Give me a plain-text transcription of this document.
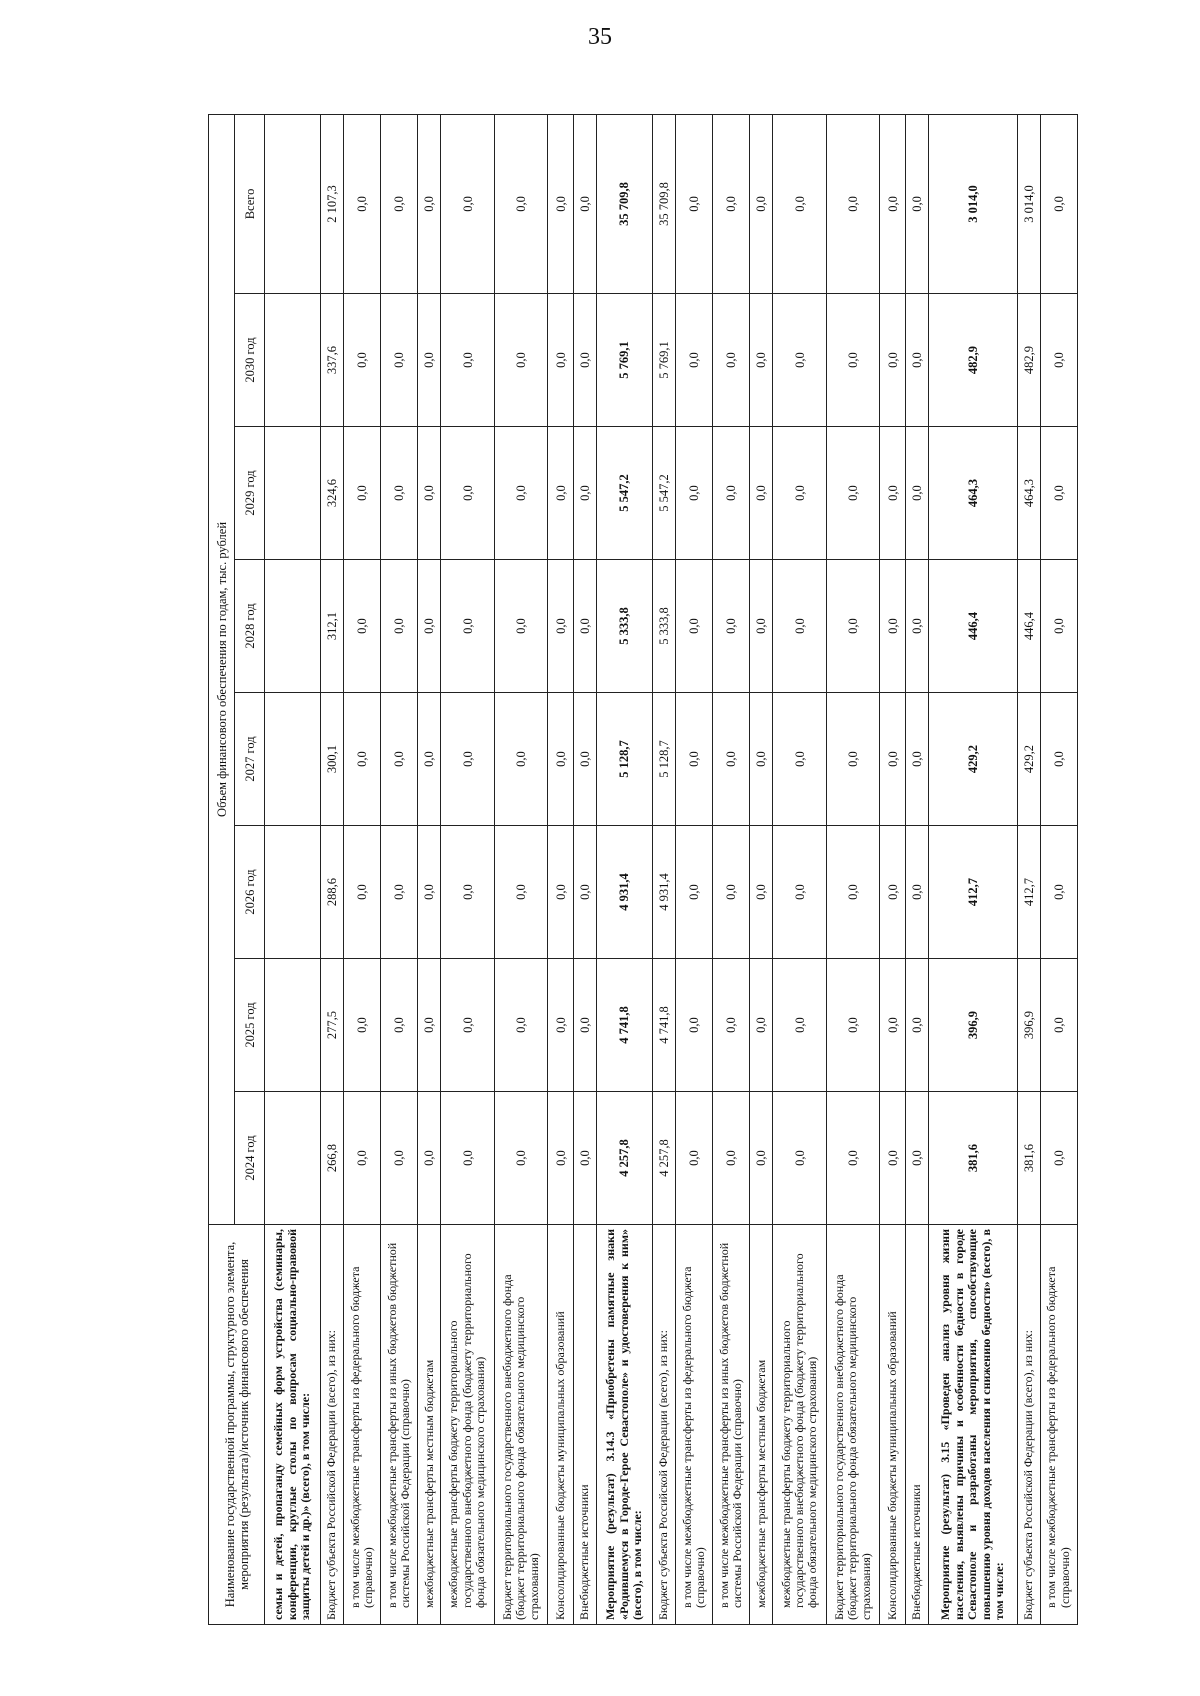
35
Наименование государственной программы, структурного элемента, мероприятия (результата)/источник финансового обеспечения	Объем финансового обеспечения по годам, тыс. рублей							
	2024 год	2025 год	2026 год	2027 год	2028 год	2029 год	2030 год	Всего
семьи и детей, пропаганду семейных форм устройства (семинары, конференции, круглые столы по вопросам социально-правовой защиты детей и др.)» (всего), в том числе:								
Бюджет субъекта Российской Федерации (всего), из них:	266,8	277,5	288,6	300,1	312,1	324,6	337,6	2 107,3
в том числе межбюджетные трансферты из федерального бюджета (справочно)	0,0	0,0	0,0	0,0	0,0	0,0	0,0	0,0
в том числе межбюджетные трансферты из иных бюджетов бюджетной системы Российской Федерации (справочно)	0,0	0,0	0,0	0,0	0,0	0,0	0,0	0,0
межбюджетные трансферты местным бюджетам	0,0	0,0	0,0	0,0	0,0	0,0	0,0	0,0
межбюджетные трансферты бюджету территориального государственного внебюджетного фонда (бюджету территориального фонда обязательного медицинского страхования)	0,0	0,0	0,0	0,0	0,0	0,0	0,0	0,0
Бюджет территориального государственного внебюджетного фонда (бюджет территориального фонда обязательного медицинского страхования)	0,0	0,0	0,0	0,0	0,0	0,0	0,0	0,0
Консолидированные бюджеты муниципальных образований	0,0	0,0	0,0	0,0	0,0	0,0	0,0	0,0
Внебюджетные источники	0,0	0,0	0,0	0,0	0,0	0,0	0,0	0,0
Мероприятие (результат) 3.14.3 «Приобретены памятные знаки «Родившемуся в Городе-Герое Севастополе» и удостоверения к ним» (всего), в том числе:	4 257,8	4 741,8	4 931,4	5 128,7	5 333,8	5 547,2	5 769,1	35 709,8
Бюджет субъекта Российской Федерации (всего), из них:	4 257,8	4 741,8	4 931,4	5 128,7	5 333,8	5 547,2	5 769,1	35 709,8
в том числе межбюджетные трансферты из федерального бюджета (справочно)	0,0	0,0	0,0	0,0	0,0	0,0	0,0	0,0
в том числе межбюджетные трансферты из иных бюджетов бюджетной системы Российской Федерации (справочно)	0,0	0,0	0,0	0,0	0,0	0,0	0,0	0,0
межбюджетные трансферты местным бюджетам	0,0	0,0	0,0	0,0	0,0	0,0	0,0	0,0
межбюджетные трансферты бюджету территориального государственного внебюджетного фонда (бюджету территориального фонда обязательного медицинского страхования)	0,0	0,0	0,0	0,0	0,0	0,0	0,0	0,0
Бюджет территориального государственного внебюджетного фонда (бюджет территориального фонда обязательного медицинского страхования)	0,0	0,0	0,0	0,0	0,0	0,0	0,0	0,0
Консолидированные бюджеты муниципальных образований	0,0	0,0	0,0	0,0	0,0	0,0	0,0	0,0
Внебюджетные источники	0,0	0,0	0,0	0,0	0,0	0,0	0,0	0,0
Мероприятие (результат) 3.15 «Проведен анализ уровня жизни населения, выявлены причины и особенности бедности в городе Севастополе и разработаны мероприятия, способствующие повышению уровня доходов населения и снижению бедности» (всего), в том числе:	381,6	396,9	412,7	429,2	446,4	464,3	482,9	3 014,0
Бюджет субъекта Российской Федерации (всего), из них:	381,6	396,9	412,7	429,2	446,4	464,3	482,9	3 014,0
в том числе межбюджетные трансферты из федерального бюджета (справочно)	0,0	0,0	0,0	0,0	0,0	0,0	0,0	0,0
